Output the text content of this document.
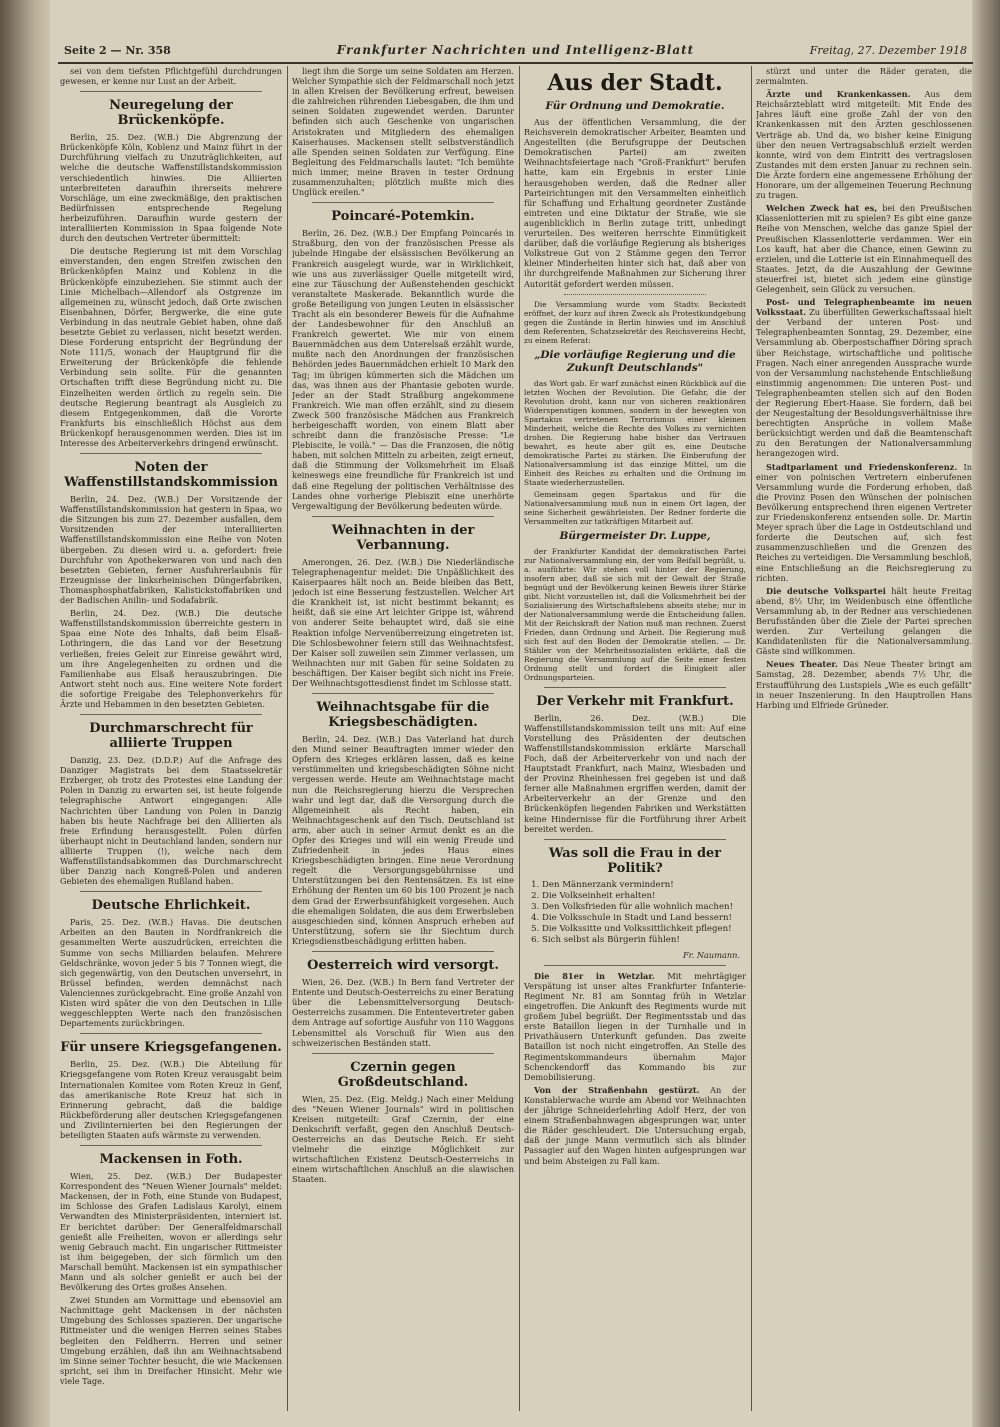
Seite 2 — Nr. 358	Frankfurter Nachrichten und Intelligenz-Blatt	Freitag, 27. Dezember 1918

sei von dem tiefsten Pflichtgefühl durchdrungen gewesen, er kenne nur Lust an der Arbeit.

Neuregelung der Brückenköpfe.

Berlin, 25. Dez. (W.B.) Die Abgrenzung der Brückenköpfe Köln, Koblenz und Mainz führt in der Durchführung vielfach zu Unzuträglichkeiten, auf welche die deutsche Waffenstillstandskommission verschiedentlich hinwies. Die Alliierten unterbreiteten daraufhin ihrerseits mehrere Vorschläge, um eine zweckmäßige, den praktischen Bedürfnissen entsprechende Regelung herbeizuführen. Daraufhin wurde gestern der interalliierten Kommission in Spaa folgende Note durch den deutschen Vertreter übermittelt:

Die deutsche Regierung ist mit dem Vorschlag einverstanden, den engen Streifen zwischen den Brückenköpfen Mainz und Koblenz in die Brückenköpfe einzubeziehen. Sie stimmt auch der Linie Michelbach—Allendorf als Ostgrenze im allgemeinen zu, wünscht jedoch, daß Orte zwischen Eisenbahnen, Dörfer, Bergwerke, die eine gute Verbindung in das neutrale Gebiet haben, ohne daß besetzte Gebiet zu verlassen, nicht besetzt werden. Diese Forderung entspricht der Begründung der Note 111/5, wonach der Hauptgrund für die Erweiterung der Brückenköpfe die fehlende Verbindung sein sollte. Für die genannten Ortschaften trifft diese Begründung nicht zu. Die Einzelheiten werden örtlich zu regeln sein. Die deutsche Regierung beantragt als Ausgleich zu diesem Entgegenkommen, daß die Vororte Frankfurts bis einschließlich Höchst aus dem Brückenkopf herausgenommen werden. Dies ist im Interesse des Arbeiterverkehrs dringend erwünscht.

Noten der Waffenstillstandskommission

Berlin, 24. Dez. (W.B.) Der Vorsitzende der Waffenstillstandskommission hat gestern in Spaa, wo die Sitzungen bis zum 27. Dezember ausfallen, dem Vorsitzenden der interalliierten Waffenstillstandskommission eine Reihe von Noten übergeben. Zu diesen wird u. a. gefordert: freie Durchfuhr von Apothekerwaren von und nach den besetzten Gebieten, ferner Ausfuhrerlaubnis für Erzeugnisse der linksrheinischen Düngerfabriken, Thomasphosphatfabriken, Kalistickstoffabriken und der Badischen Anilin- und Sodafabrik.

Berlin, 24. Dez. (W.B.) Die deutsche Waffenstillstandskommission überreichte gestern in Spaa eine Note des Inhalts, daß beim Elsaß-Lothringern, die das Land vor der Besetzung verließen, freies Geleit zur Einreise gewährt wird, um ihre Angelegenheiten zu ordnen und die Familienhabe aus Elsaß herauszubringen. Die Antwort steht noch aus. Eine weitere Note fordert die sofortige Freigabe des Telephonverkehrs für Ärzte und Hebammen in den besetzten Gebieten.

Durchmarschrecht für alliierte Truppen

Danzig, 23. Dez. (D.D.P.) Auf die Anfrage des Danziger Magistrats bei dem Staatssekretär Erzberger, ob trotz des Protestes eine Landung der Polen in Danzig zu erwarten sei, ist heute folgende telegraphische Antwort eingegangen: Alle Nachrichten über Landung von Polen in Danzig haben bis heute Nachfrage bei den Alliierten als freie Erfindung herausgestellt. Polen dürfen überhaupt nicht in Deutschland landen, sondern nur alliierte Truppen (!), welche nach dem Waffenstillstandsabkommen das Durchmarschrecht über Danzig nach Kongreß-Polen und anderen Gebieten des ehemaligen Rußland haben.

Deutsche Ehrlichkeit.

Paris, 25. Dez. (W.B.) Havas. Die deutschen Arbeiten an den Bauten in Nordfrankreich die gesammelten Werte auszudrücken, erreichten die Summe von sechs Milliarden belaufen. Mehrere Geldschränke, wovon jeder 5 bis 7 Tonnen wiegt, die sich gegenwärtig, von den Deutschen unversehrt, in Brüssel befinden, werden demnächst nach Valenciennes zurückgebracht. Eine große Anzahl von Kisten wird später die von den Deutschen in Lille weggeschleppten Werte nach den französischen Departements zurückbringen.

Für unsere Kriegsgefangenen.

Berlin, 25. Dez. (W.B.) Die Abteilung für Kriegsgefangene vom Roten Kreuz verausgabt beim Internationalen Komitee vom Roten Kreuz in Genf, das amerikanische Rote Kreuz hat sich in Erinnerung gebracht, daß die baldige Rückbeförderung aller deutschen Kriegsgefangenen und Zivilinternierten bei den Regierungen der beteiligten Staaten aufs wärmste zu verwenden.

Mackensen in Foth.

Wien, 25. Dez. (W.B.) Der Budapester Korrespondent des "Neuen Wiener Journals" meldet: Mackensen, der in Foth, eine Stunde von Budapest, im Schlosse des Grafen Ladislaus Karolyi, einem Verwandten des Ministerpräsidenten, interniert ist. Er berichtet darüber: Der Generalfeldmarschall genießt alle Freiheiten, wovon er allerdings sehr wenig Gebrauch macht. Ein ungarischer Rittmeister ist ihm beigegeben, der sich förmlich um den Marschall bemüht. Mackensen ist ein sympathischer Mann und als solcher genießt er auch bei der Bevölkerung des Ortes großes Ansehen.

Zwei Stunden am Vormittage und ebensoviel am Nachmittage geht Mackensen in der nächsten Umgebung des Schlosses spazieren. Der ungarische Rittmeister und die wenigen Herren seines Stabes begleiten den Feldherrn. Herren und seiner Umgebung erzählen, daß ihn am Weihnachtsabend im Sinne seiner Tochter besucht, die wie Mackensen spricht, sei ihm in Dreifacher Hinsicht. Mehr wie viele Tage.

liegt ihm die Sorge um seine Soldaten am Herzen. Welcher Sympathie sich der Feldmarschall noch jetzt in allen Kreisen der Bevölkerung erfreut, beweisen die zahlreichen rührenden Liebesgaben, die ihm und seinen Soldaten zugewendet werden. Darunter befinden sich auch Geschenke von ungarischen Aristokraten und Mitgliedern des ehemaligen Kaiserhauses. Mackensen stellt selbstverständlich alle Spenden seinen Soldaten zur Verfügung. Eine Begleitung des Feldmarschalls lautet: "Ich bemühte mich immer, meine Braven in tester Ordnung zusammenzuhalten; plötzlich mußte mich dies Unglück ereilen."

Poincaré-Potemkin.

Berlin, 26. Dez. (W.B.) Der Empfang Poincarés in Straßburg, den von der französischen Presse als jubelnde Hingabe der elsässischen Bevölkerung an Frankreich ausgelegt wurde, war in Wirklichkeit, wie uns aus zuverlässiger Quelle mitgeteilt wird, eine zur Täuschung der Außenstehenden geschickt veranstaltete Maskerade. Bekanntlich wurde die große Beteiligung von jungen Leuten in elsässischer Tracht als ein besonderer Beweis für die Aufnahme der Landesbewohner für den Anschluß an Frankreich gewertet. Wie mir von einem Bauernmädchen aus dem Unterelsaß erzählt wurde, mußte nach den Anordnungen der französischen Behörden jedes Bauernmädchen erhielt 10 Mark den Tag; im übrigen kümmerten sich die Mädchen um das, was ihnen aus der Phantasie geboten wurde. Jeder an der Stadt Straßburg angekommene Frankreich. Wie man offen erzählt, sind zu diesem Zweck 500 französische Mädchen aus Frankreich herbeigeschafft worden, von einem Blatt aber schreibt dann die französische Presse: "Le Plebiscite, le voilà." — Das die Franzosen, die nötig haben, mit solchen Mitteln zu arbeiten, zeigt erneut, daß die Stimmung der Volksmehrheit im Elsaß keineswegs eine freundliche für Frankreich ist und daß eine Regelung der politischen Verhältnisse des Landes ohne vorherige Plebiszit eine unerhörte Vergewaltigung der Bevölkerung bedeuten würde.

Weihnachten in der Verbannung.

Amerongen, 26. Dez. (W.B.) Die Niederländische Telegraphenagentur meldet: Die Unpäßlichkeit des Kaiserpaares hält noch an. Beide bleiben das Bett, jedoch ist eine Besserung festzustellen. Welcher Art die Krankheit ist, ist nicht bestimmt bekannt; es heißt, daß sie eine Art leichter Grippe ist, während von anderer Seite behauptet wird, daß sie eine Reaktion infolge Nervenüberreizung eingetreten ist. Die Schlosbewohner feiern still das Weihnachtsfest. Der Kaiser soll zuweilen sein Zimmer verlassen, um Weihnachten nur mit Gaben für seine Soldaten zu beschäftigen. Der Kaiser begibt sich nicht ins Freie. Der Weihnachtsgottesdienst findet im Schlosse statt.

Weihnachtsgabe für die Kriegsbeschädigten.

Berlin, 24. Dez. (W.B.) Das Vaterland hat durch den Mund seiner Beauftragten immer wieder den Opfern des Krieges erklären lassen, daß es keine verstümmelten und kriegsbeschädigten Söhne nicht vergessen werde. Heute am Weihnachtstage macht nun die Reichsregierung hierzu die Versprechen wahr und legt dar, daß die Versorgung durch die Allgemeinheit als Recht haben, ein Weihnachtsgeschenk auf den Tisch. Deutschland ist arm, aber auch in seiner Armut denkt es an die Opfer des Krieges und will ein wenig Freude und Zufriedenheit in jedes Haus eines Kriegsbeschädigten bringen. Eine neue Verordnung regelt die Versorgungsgebührnisse und Unterstützungen bei den Rentensätzen. Es ist eine Erhöhung der Renten um 60 bis 100 Prozent je nach dem Grad der Erwerbsunfähigkeit vorgesehen. Auch die ehemaligen Soldaten, die aus dem Erwerbsleben ausgeschieden sind, können Anspruch erheben auf Unterstützung, sofern sie ihr Siechtum durch Kriegsdienstbeschädigung erlitten haben.

Oesterreich wird versorgt.

Wien, 26. Dez. (W.B.) In Bern fand Vertreter der Entente und Deutsch-Oesterreichs zu einer Beratung über die Lebensmittelversorgung Deutsch-Oesterreichs zusammen. Die Ententevertreter gaben dem Antrage auf sofortige Ausfuhr von 110 Waggons Lebensmittel als Vorschuß für Wien aus den schweizerischen Beständen statt.

Czernin gegen Großdeutschland.

Wien, 25. Dez. (Eig. Meldg.) Nach einer Meldung des "Neuen Wiener Journals" wird in politischen Kreisen mitgeteilt: Graf Czernin, der eine Denkschrift verfaßt, gegen den Anschluß Deutsch-Oesterreichs an das Deutsche Reich. Er sieht vielmehr die einzige Möglichkeit zur wirtschaftlichen Existenz Deutsch-Oesterreichs in einem wirtschaftlichen Anschluß an die slawischen Staaten.

Aus der Stadt.
Für Ordnung und Demokratie.

Aus der öffentlichen Versammlung, die der Reichsverein demokratischer Arbeiter, Beamten und Angestellten (die Berufsgruppe der Deutschen Demokratischen Partei) am zweiten Weihnachtsfeiertage nach "Groß-Frankfurt" berufen hatte, kam ein Ergebnis in erster Linie herausgehoben werden, daß die Redner aller Parteirichtungen mit den Versammelten einheitlich für Schaffung und Erhaltung geordneter Zustände eintreten und eine Diktatur der Straße, wie sie augenblicklich in Berlin zutage tritt, unbedingt verurteilen. Des weiteren herrschte Einmütigkeit darüber, daß die vorläufige Regierung als bisheriges Volkstreue Gut von 2 Stämme gegen den Terror kleiner Minderheiten hinter sich hat, daß aber von ihr durchgreifende Maßnahmen zur Sicherung ihrer Autorität gefordert werden müssen.

Die Versammlung wurde vom Stadtv. Beckstedt eröffnet, der kurz auf ihren Zweck als Protestkundgebung gegen die Zustände in Berlin hinwies und im Anschluß dem Referenten, Schatzsekretär des Reichsvereins Hecht, zu einem Referat:

„Die vorläufige Regierung und die Zukunft Deutschlands"

das Wort gab. Er warf zunächst einen Rückblick auf die letzten Wochen der Revolution. Die Gefahr, die der Revolution droht, kann nur von sicheren reaktionären Widerspenstigen kommen, sondern in der bewegten von Spartakus vertretenen Terrorismus einer kleinen Minderheit, welche die Rechte des Volkes zu vernichten drohen. Die Regierung habe bisher das Vertrauen bewahrt, es heute aber gilt es, eine Deutsche demokratische Partei zu stärken. Die Einberufung der Nationalversammlung ist das einzige Mittel, um die Einheit des Reiches zu erhalten und die Ordnung im Staate wiederherzustellen.

Gemeinsam gegen Spartakus und für die Nationalversammlung muß nun in einem Ort lagen, der seine Sicherheit gewährleisten. Der Redner forderte die Versammelten zur tatkräftigen Mitarbeit auf.

Bürgermeister Dr. Luppe,

der Frankfurter Kandidat der demokratischen Partei zur Nationalversammlung ein, der vom Beifall begrüßt, u. a. ausführte: Wir stehen voll hinter der Regierung, insofern aber, daß sie sich mit der Gewalt der Straße begnügt und der Bevölkerung keinen Beweis ihrer Stärke gibt. Nicht vorzustellen ist, daß die Volksmehrheit bei der Sozialisierung des Wirtschaftslebens abseits stehe; nur in der Nationalversammlung werde die Entscheidung fallen. Mit der Reichskraft der Nation muß man rechnen. Zuerst Frieden, dann Ordnung und Arbeit. Die Regierung muß sich fest auf den Boden der Demokratie stellen. — Dr. Stähler von der Mehrheitssozialisten erklärte, daß die Regierung die Versammlung auf die Seite einer festen Ordnung stellt und fordert die Einigkeit aller Ordnungsparteien.

Der Verkehr mit Frankfurt.

Berlin, 26. Dez. (W.B.) Die Waffenstillstandskommission teilt uns mit: Auf eine Vorstellung des Präsidenten der deutschen Waffenstillstandskommission erklärte Marschall Foch, daß der Arbeiterverkehr von und nach der Hauptstadt Frankfurt, nach Mainz, Wiesbaden und der Provinz Rheinhessen frei gegeben ist und daß ferner alle Maßnahmen ergriffen werden, damit der Arbeiterverkehr an der Grenze und den Brückenköpfen liegenden Fabriken und Werkstätten keine Hindernisse für die Fortführung ihrer Arbeit bereitet werden.

Was soll die Frau in der Politik?
1. Den Männerzank vermindern!
2. Die Volkseinheit erhalten!
3. Den Volksfrieden für alle wohnlich machen!
4. Die Volksschule in Stadt und Land bessern!
5. Die Volkssitte und Volkssittlichkeit pflegen!
6. Sich selbst als Bürgerin fühlen!
Fr. Naumann.

Die 81er in Wetzlar. Mit mehrtägiger Verspätung ist unser altes Frankfurter Infanterie-Regiment Nr. 81 am Sonntag früh in Wetzlar eingetroffen. Die Ankunft des Regiments wurde mit großem Jubel begrüßt. Der Regimentsstab und das erste Bataillon liegen in der Turnhalle und in Privathäusern Unterkunft gefunden. Das zweite Bataillon ist noch nicht eingetroffen. An Stelle des Regimentskommandeurs übernahm Major Schenckendorff das Kommando bis zur Demobilisierung.

Von der Straßenbahn gestürzt. An der Konstablerwache wurde am Abend vor Weihnachten der jährige Schneiderlehrling Adolf Herz, der von einem Straßenbahnwagen abgesprungen war, unter die Räder geschleudert. Die Untersuchung ergab, daß der junge Mann vermutlich sich als blinder Passagier auf den Wagen hinten aufgesprungen war und beim Absteigen zu Fall kam.

stürzt und unter die Räder geraten, die zermalmten.

Ärzte und Krankenkassen. Aus dem Reichsärzteblatt wird mitgeteilt: Mit Ende des Jahres läuft eine große Zahl der von den Krankenkassen mit den Ärzten geschlossenen Verträge ab. Und da, wo bisher keine Einigung über den neuen Vertragsabschluß erzielt werden konnte, wird von dem Eintritt des vertragslosen Zustandes mit dem ersten Januar zu rechnen sein. Die Ärzte fordern eine angemessene Erhöhung der Honorare, um der allgemeinen Teuerung Rechnung zu tragen.

Welchen Zweck hat es, bei den Preußischen Klassenlotterien mit zu spielen? Es gibt eine ganze Reihe von Menschen, welche das ganze Spiel der Preußischen Klassenlotterie verdammen. Wer ein Los kauft, hat aber die Chance, einen Gewinn zu erzielen, und die Lotterie ist ein Einnahmequell des Staates. Jetzt, da die Auszahlung der Gewinne steuerfrei ist, bietet sich jedem eine günstige Gelegenheit, sein Glück zu versuchen.

Post- und Telegraphenbeamte im neuen Volksstaat. Zu überfüllten Gewerkschaftssaal hielt der Verband der unteren Post- und Telegraphenbeamten Sonntag, 29. Dezember, eine Versammlung ab. Oberpostschaffner Döring sprach über Reichstage, wirtschaftliche und politische Fragen. Nach einer anregenden Aussprache wurde von der Versammlung nachstehende Entschließung einstimmig angenommen: Die unteren Post- und Telegraphenbeamten stellen sich auf den Boden der Regierung Ebert-Haase. Sie fordern, daß bei der Neugestaltung der Besoldungsverhältnisse ihre berechtigten Ansprüche in vollem Maße berücksichtigt werden und daß die Beamtenschaft zu den Beratungen der Nationalversammlung herangezogen wird.

Stadtparlament und Friedenskonferenz. In einer von polnischen Vertretern einberufenen Versammlung wurde die Forderung erhoben, daß die Provinz Posen den Wünschen der polnischen Bevölkerung entsprechend ihren eigenen Vertreter zur Friedenskonferenz entsenden solle. Dr. Martin Meyer sprach über die Lage in Ostdeutschland und forderte die Deutschen auf, sich fest zusammenzuschließen und die Grenzen des Reiches zu verteidigen. Die Versammlung beschloß, eine Entschließung an die Reichsregierung zu richten.

Die deutsche Volkspartei hält heute Freitag abend, 8½ Uhr, im Weidenbusch eine öffentliche Versammlung ab, in der Redner aus verschiedenen Berufsständen über die Ziele der Partei sprechen werden. Zur Verteilung gelangen die Kandidatenlisten für die Nationalversammlung. Gäste sind willkommen.

Neues Theater. Das Neue Theater bringt am Samstag, 28. Dezember, abends 7½ Uhr, die Erstaufführung des Lustspiels „Wie es euch gefällt" in neuer Inszenierung. In den Hauptrollen Hans Harbing und Elfriede Grüneder.
